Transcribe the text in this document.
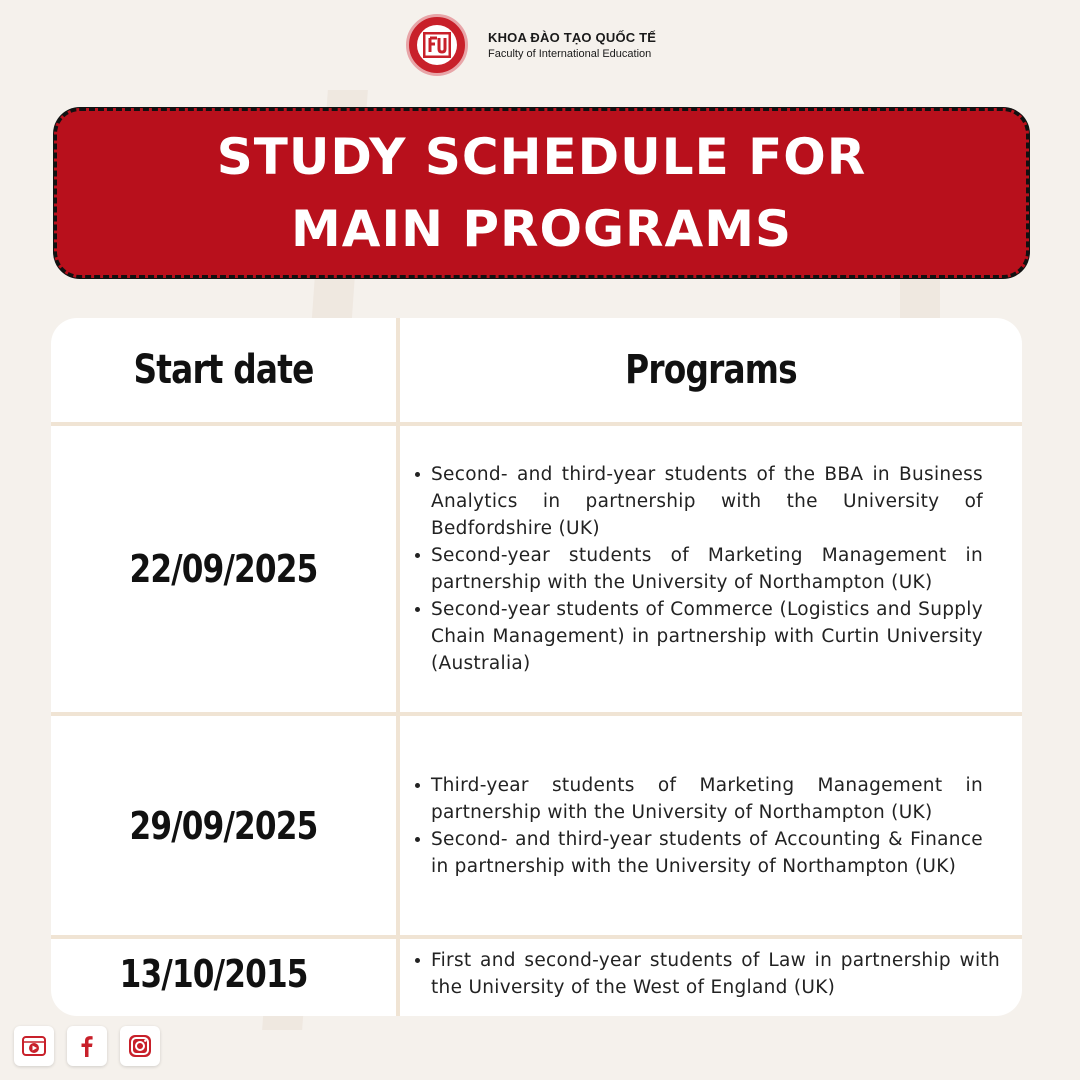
KHOA ĐÀO TẠO QUỐC TẾ
Faculty of International Education
STUDY SCHEDULE FOR
MAIN PROGRAMS
Start date	Programs
22/09/2025
Second- and third-year students of the BBA in Business Analytics in partnership with the University of Bedfordshire (UK)
Second-year students of Marketing Management in partnership with the University of Northampton (UK)
Second-year students of Commerce (Logistics and Supply Chain Management) in partnership with Curtin University (Australia)
29/09/2025
Third-year students of Marketing Management in partnership with the University of Northampton (UK)
Second- and third-year students of Accounting & Finance in partnership with the University of Northampton (UK)
13/10/2015	First and second-year students of Law in partnership with the University of the West of England (UK)
